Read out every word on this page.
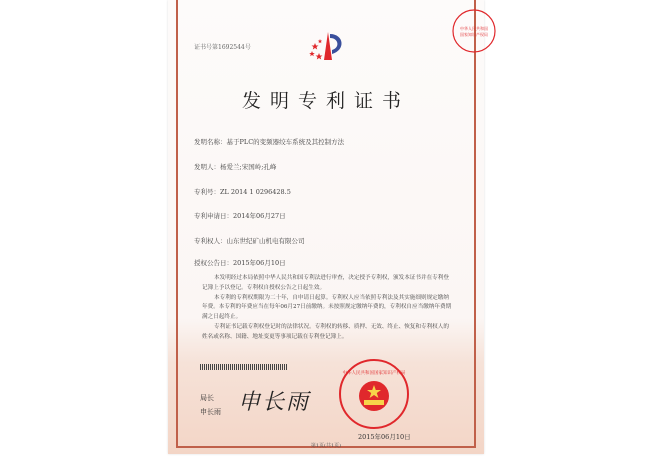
证书号第1692544号
中华人民共和国
国家知识产权局
发明专利证书
发明名称：基于PLC的变频器绞车系统及其控制方法
发明人：杨爱兰;宋国岭;孔峰
专利号：ZL 2014 1 0296428.5
专利申请日：2014年06月27日
专利权人：山东世纪矿山机电有限公司
授权公告日：2015年06月10日

本发明经过本局依照中华人民共和国专利法进行审查，决定授予专利权，颁发本证书并在专利登记簿上予以登记。专利权自授权公告之日起生效。

本专利的专利权期限为二十年，自申请日起算。专利权人应当依照专利法及其实施细则规定缴纳年费。本专利的年费应当在每年06月27日前缴纳。未按照规定缴纳年费的，专利权自应当缴纳年费期满之日起终止。

专利证书记载专利权登记时的法律状况。专利权的转移、质押、无效、终止、恢复和专利权人的姓名或名称、国籍、地址变更等事项记载在专利登记簿上。

局长
申长雨 申长雨
中华人民共和国国家知识产权局
2015年06月10日
第1页(共1页)
